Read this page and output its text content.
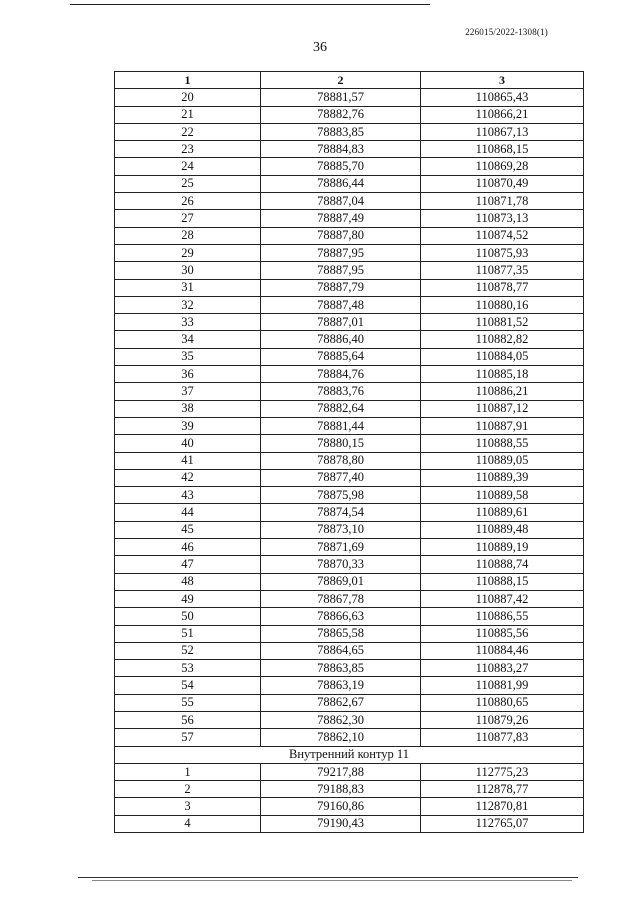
226015/2022-1308(1)
36
1	2	3
20	78881,57	110865,43
21	78882,76	110866,21
22	78883,85	110867,13
23	78884,83	110868,15
24	78885,70	110869,28
25	78886,44	110870,49
26	78887,04	110871,78
27	78887,49	110873,13
28	78887,80	110874,52
29	78887,95	110875,93
30	78887,95	110877,35
31	78887,79	110878,77
32	78887,48	110880,16
33	78887,01	110881,52
34	78886,40	110882,82
35	78885,64	110884,05
36	78884,76	110885,18
37	78883,76	110886,21
38	78882,64	110887,12
39	78881,44	110887,91
40	78880,15	110888,55
41	78878,80	110889,05
42	78877,40	110889,39
43	78875,98	110889,58
44	78874,54	110889,61
45	78873,10	110889,48
46	78871,69	110889,19
47	78870,33	110888,74
48	78869,01	110888,15
49	78867,78	110887,42
50	78866,63	110886,55
51	78865,58	110885,56
52	78864,65	110884,46
53	78863,85	110883,27
54	78863,19	110881,99
55	78862,67	110880,65
56	78862,30	110879,26
57	78862,10	110877,83
Внутренний контур 11		
1	79217,88	112775,23
2	79188,83	112878,77
3	79160,86	112870,81
4	79190,43	112765,07
